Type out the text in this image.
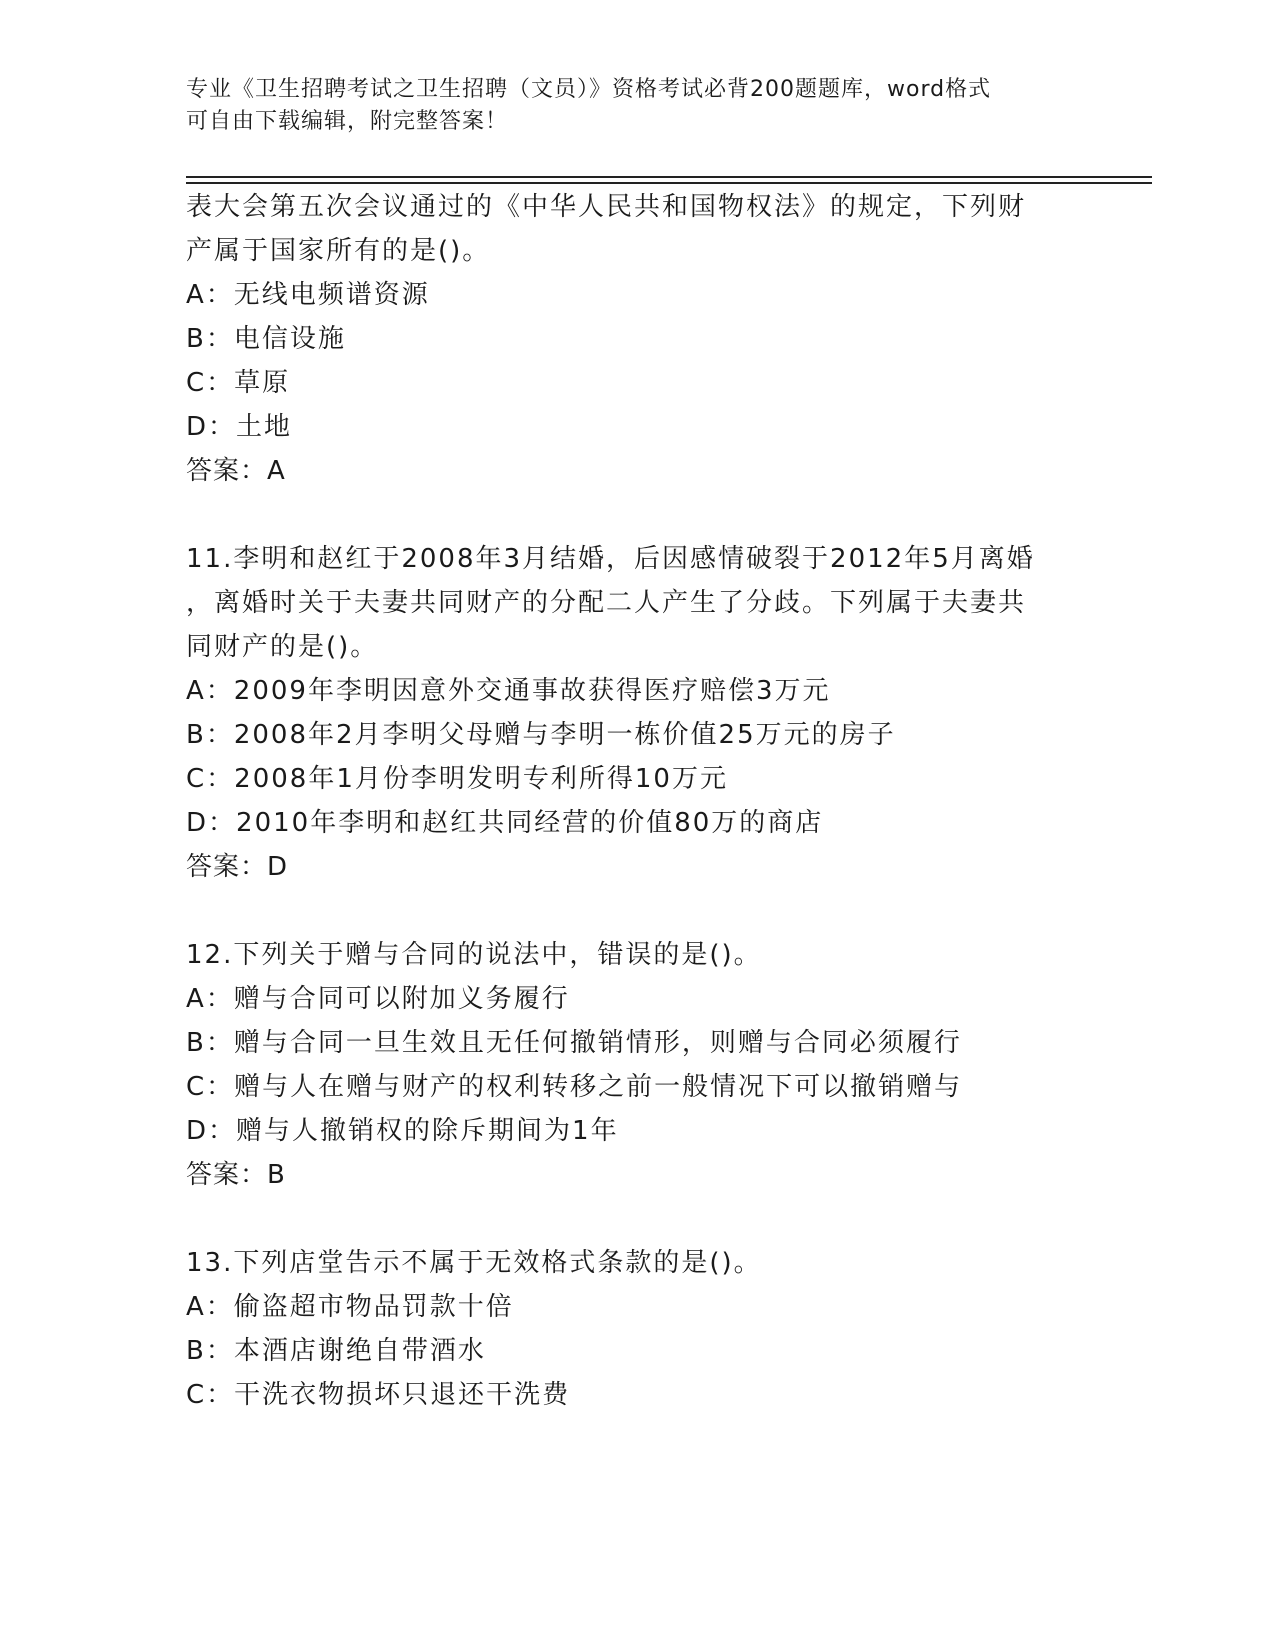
专业《卫生招聘考试之卫生招聘（文员）》资格考试必背200题题库，word格式
可自由下载编辑，附完整答案！
表大会第五次会议通过的《中华人民共和国物权法》的规定，下列财
产属于国家所有的是()。
A：无线电频谱资源
B：电信设施
C：草原
D：土地
答案：A
11.李明和赵红于2008年3月结婚，后因感情破裂于2012年5月离婚
，离婚时关于夫妻共同财产的分配二人产生了分歧。下列属于夫妻共
同财产的是()。
A：2009年李明因意外交通事故获得医疗赔偿3万元
B：2008年2月李明父母赠与李明一栋价值25万元的房子
C：2008年1月份李明发明专利所得10万元
D：2010年李明和赵红共同经营的价值80万的商店
答案：D
12.下列关于赠与合同的说法中，错误的是()。
A：赠与合同可以附加义务履行
B：赠与合同一旦生效且无任何撤销情形，则赠与合同必须履行
C：赠与人在赠与财产的权利转移之前一般情况下可以撤销赠与
D：赠与人撤销权的除斥期间为1年
答案：B
13.下列店堂告示不属于无效格式条款的是()。
A：偷盗超市物品罚款十倍
B：本酒店谢绝自带酒水
C：干洗衣物损坏只退还干洗费
